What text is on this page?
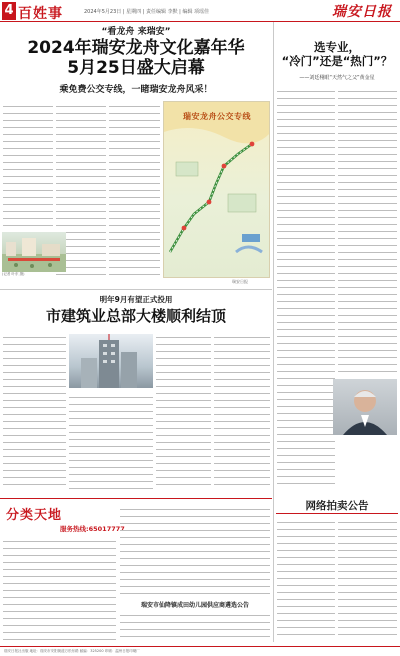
4 百姓事	2024年5月23日 | 星期四 | 责任编辑 李默 | 编辑 项瑶佳	瑞安日报
“看龙舟 来瑞安”
2024年瑞安龙舟文化嘉年华
5月25日盛大启幕
乘免费公交专线，一睹瑞安龙舟风采！
(记者 叶东 摄)
瑞安龙舟公交专线
瑞安日报
明年9月有望正式投用
市建筑业总部大楼顺利结顶
选专业，
“冷门”还是“热门”？
——刘廷栩眼“天然气之父”黄金星
网络拍卖公告
分类天地
服务热线:65017777
瑞安市仙降镇成田幼儿园供应商遴选公告
瑞安日报社出版 地址：瑞安市安阳街道万松东路 邮编：325200 印刷：温州日报印刷厂
